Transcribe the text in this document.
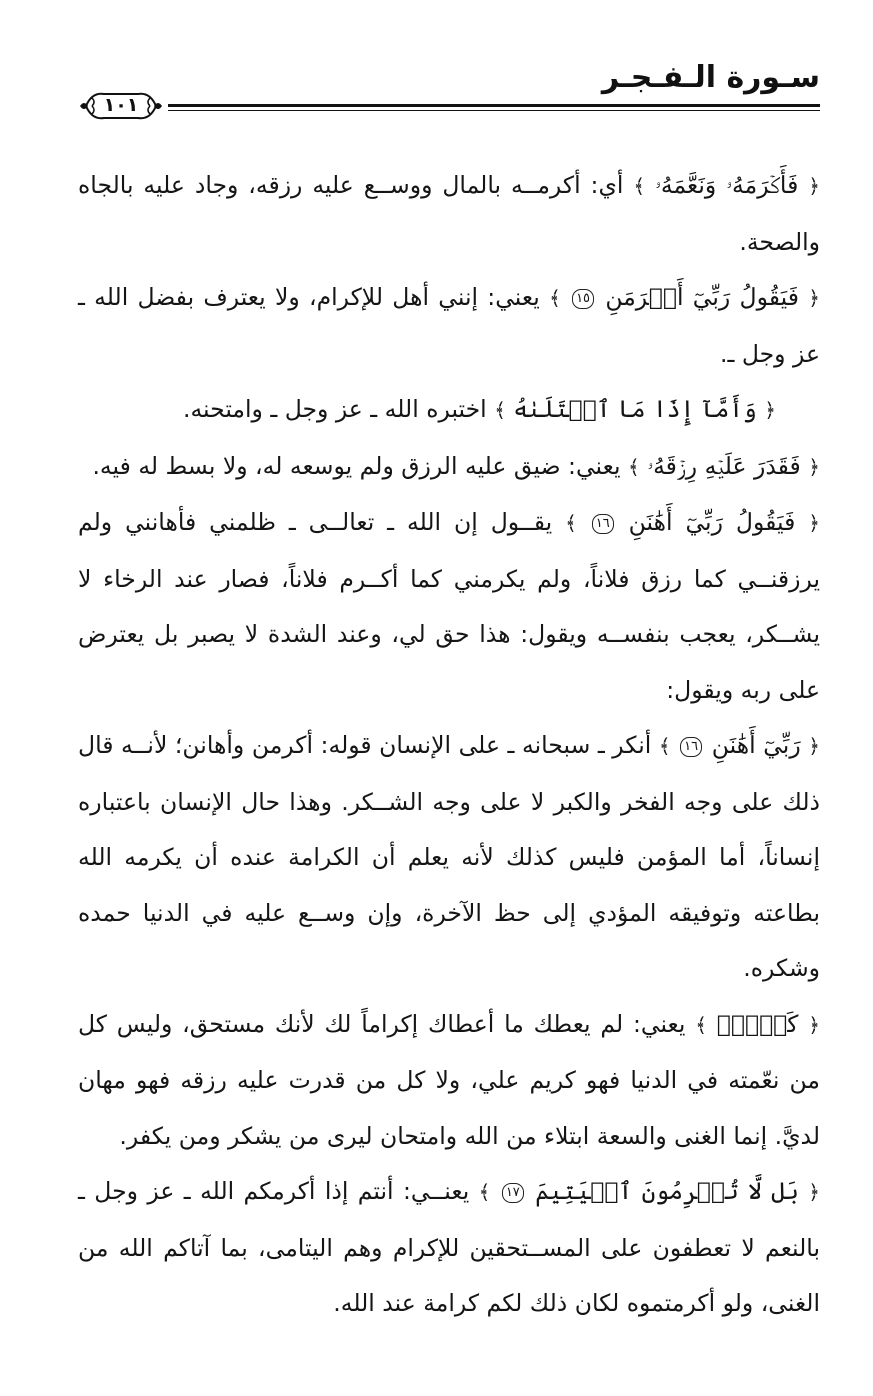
سـورة الـفـجـر
١٠١

﴿ فَأَكۡرَمَهُۥ وَنَعَّمَهُۥ ﴾ أي: أكرمــه بالمال ووســع عليه رزقه، وجاد عليه بالجاه والصحة.

﴿ فَيَقُولُ رَبِّيٓ أَكۡرَمَنِ ١٥ ﴾ يعني: إنني أهل للإكرام، ولا يعترف بفضل الله ـ عز وجل ـ.

﴿ وَأَمَّآ إِذَا مَا ٱبۡتَلَىٰهُ ﴾ اختبره الله ـ عز وجل ـ وامتحنه.

﴿ فَقَدَرَ عَلَيۡهِ رِزۡقَهُۥ ﴾ يعني: ضيق عليه الرزق ولم يوسعه له، ولا بسط له فيه.

﴿ فَيَقُولُ رَبِّيٓ أَهَٰنَنِ ١٦ ﴾ يقــول إن الله ـ تعالــى ـ ظلمني فأهانني ولم يرزقنــي كما رزق فلاناً، ولم يكرمني كما أكــرم فلاناً، فصار عند الرخاء لا يشــكر، يعجب بنفســه ويقول: هذا حق لي، وعند الشدة لا يصبر بل يعترض على ربه ويقول:

﴿ رَبِّيٓ أَهَٰنَنِ ١٦ ﴾ أنكر ـ سبحانه ـ على الإنسان قوله: أكرمن وأهانن؛ لأنــه قال ذلك على وجه الفخر والكبر لا على وجه الشــكر. وهذا حال الإنسان باعتباره إنساناً، أما المؤمن فليس كذلك لأنه يعلم أن الكرامة عنده أن يكرمه الله بطاعته وتوفيقه المؤدي إلى حظ الآخرة، وإن وســع عليه في الدنيا حمده وشكره.

﴿ كَلَّاۖ ﴾ يعني: لم يعطك ما أعطاك إكراماً لك لأنك مستحق، وليس كل من نعّمته في الدنيا فهو كريم علي، ولا كل من قدرت عليه رزقه فهو مهان لديَّ. إنما الغنى والسعة ابتلاء من الله وامتحان ليرى من يشكر ومن يكفر.

﴿ بَل لَّا تُكۡرِمُونَ ٱلۡيَتِيمَ ١٧ ﴾ يعنــي: أنتم إذا أكرمكم الله ـ عز وجل ـ بالنعم لا تعطفون على المســتحقين للإكرام وهم اليتامى، بما آتاكم الله من الغنى، ولو أكرمتموه لكان ذلك لكم كرامة عند الله.
